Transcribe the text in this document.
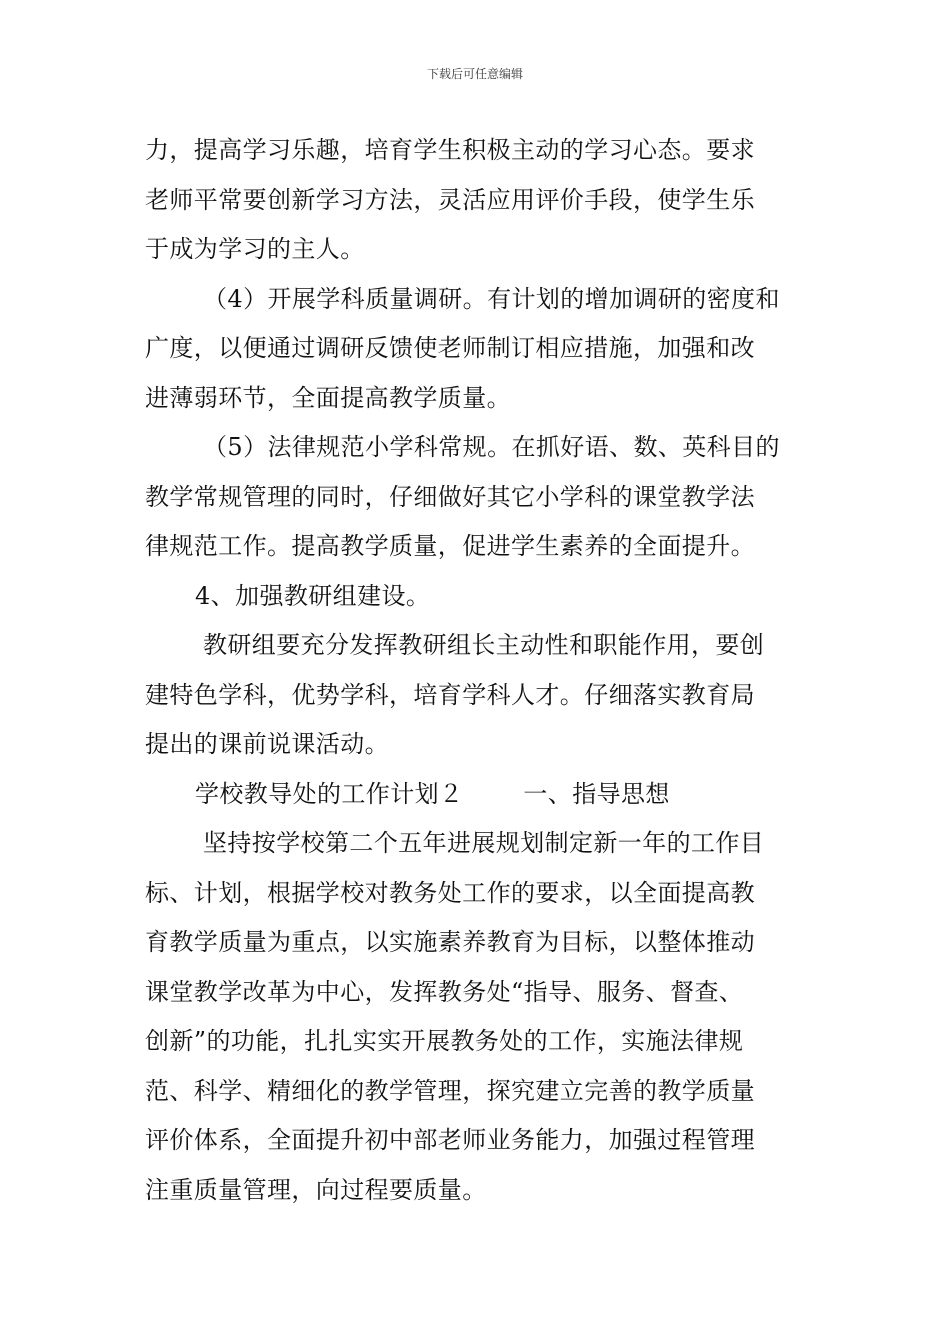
下载后可任意编辑
力，提高学习乐趣，培育学生积极主动的学习心态。要求
老师平常要创新学习方法，灵活应用评价手段，使学生乐
于成为学习的主人。
（4）开展学科质量调研。有计划的增加调研的密度和
广度，以便通过调研反馈使老师制订相应措施，加强和改
进薄弱环节，全面提高教学质量。
（5）法律规范小学科常规。在抓好语、数、英科目的
教学常规管理的同时，仔细做好其它小学科的课堂教学法
律规范工作。提高教学质量，促进学生素养的全面提升。
4、加强教研组建设。
教研组要充分发挥教研组长主动性和职能作用，要创
建特色学科，优势学科，培育学科人才。仔细落实教育局
提出的课前说课活动。
学校教导处的工作计划２	一、指导思想
坚持按学校第二个五年进展规划制定新一年的工作目
标、计划，根据学校对教务处工作的要求，以全面提高教
育教学质量为重点，以实施素养教育为目标，以整体推动
课堂教学改革为中心，发挥教务处“指导、服务、督查、
创新”的功能，扎扎实实开展教务处的工作，实施法律规
范、科学、精细化的教学管理，探究建立完善的教学质量
评价体系，全面提升初中部老师业务能力，加强过程管理
注重质量管理，向过程要质量。
